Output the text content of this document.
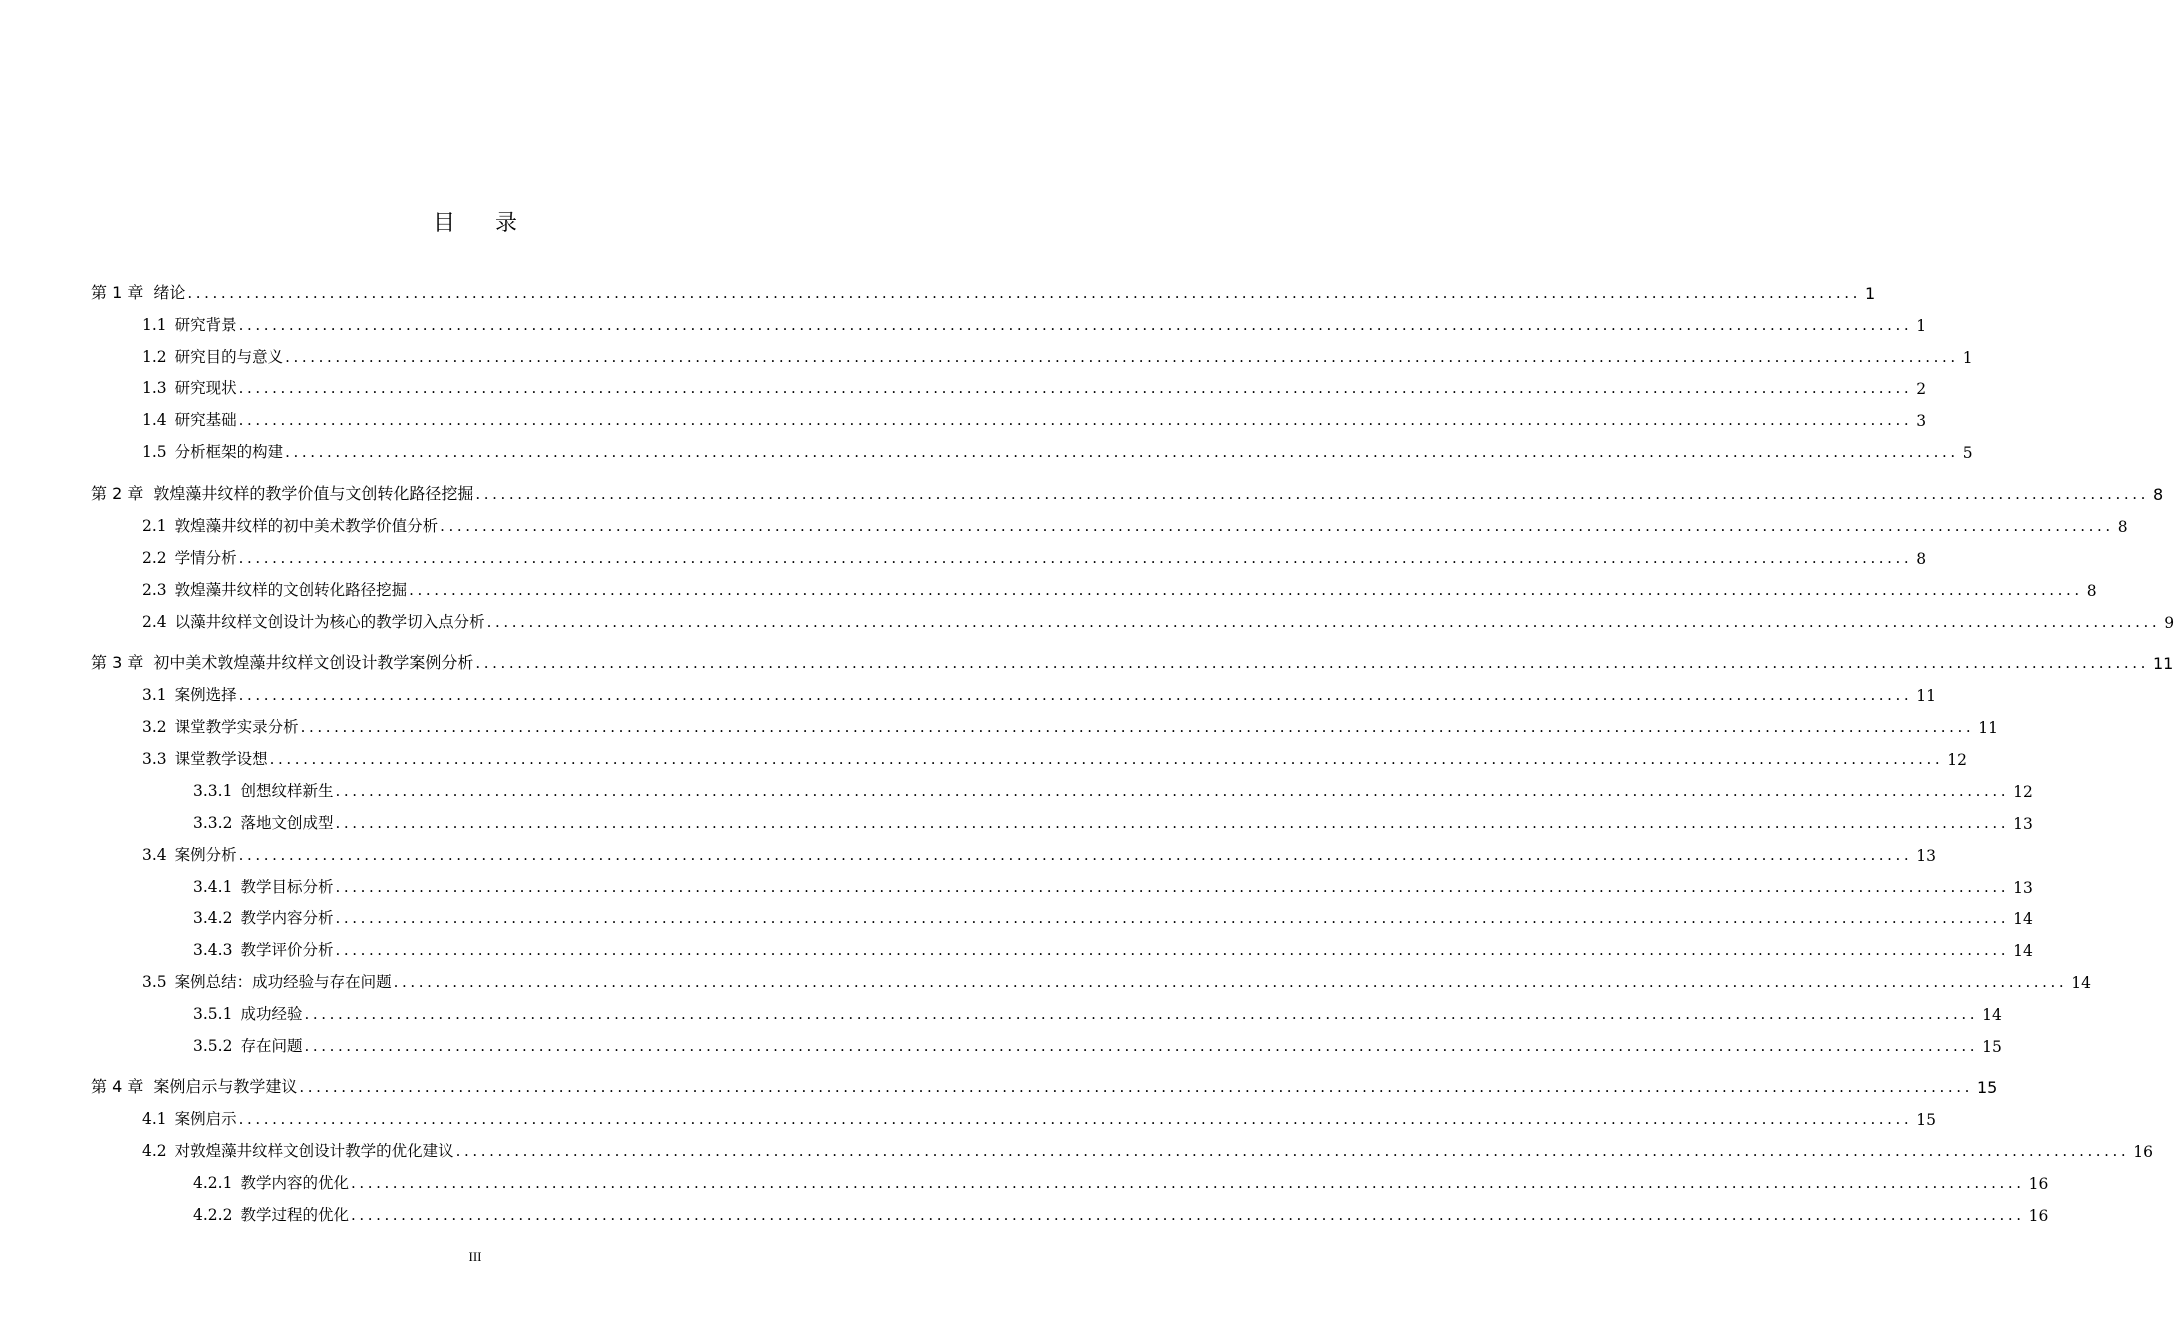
目录
第 1 章 绪论 ........................................................................................................................................................................................................ 1
1.1 研究背景 ........................................................................................................................................................................................................ 1
1.2 研究目的与意义 ........................................................................................................................................................................................................ 1
1.3 研究现状 ........................................................................................................................................................................................................ 2
1.4 研究基础 ........................................................................................................................................................................................................ 3
1.5 分析框架的构建 ........................................................................................................................................................................................................ 5
第 2 章 敦煌藻井纹样的教学价值与文创转化路径挖掘 ........................................................................................................................................................................................................ 8
2.1 敦煌藻井纹样的初中美术教学价值分析 ........................................................................................................................................................................................................ 8
2.2 学情分析 ........................................................................................................................................................................................................ 8
2.3 敦煌藻井纹样的文创转化路径挖掘 ........................................................................................................................................................................................................ 8
2.4 以藻井纹样文创设计为核心的教学切入点分析 ........................................................................................................................................................................................................ 9
第 3 章 初中美术敦煌藻井纹样文创设计教学案例分析 ........................................................................................................................................................................................................ 11
3.1 案例选择 ........................................................................................................................................................................................................ 11
3.2 课堂教学实录分析 ........................................................................................................................................................................................................ 11
3.3 课堂教学设想 ........................................................................................................................................................................................................ 12
3.3.1 创想纹样新生 ........................................................................................................................................................................................................ 12
3.3.2 落地文创成型 ........................................................................................................................................................................................................ 13
3.4 案例分析 ........................................................................................................................................................................................................ 13
3.4.1 教学目标分析 ........................................................................................................................................................................................................ 13
3.4.2 教学内容分析 ........................................................................................................................................................................................................ 14
3.4.3 教学评价分析 ........................................................................................................................................................................................................ 14
3.5 案例总结：成功经验与存在问题 ........................................................................................................................................................................................................ 14
3.5.1 成功经验 ........................................................................................................................................................................................................ 14
3.5.2 存在问题 ........................................................................................................................................................................................................ 15
第 4 章 案例启示与教学建议 ........................................................................................................................................................................................................ 15
4.1 案例启示 ........................................................................................................................................................................................................ 15
4.2 对敦煌藻井纹样文创设计教学的优化建议 ........................................................................................................................................................................................................ 16
4.2.1 教学内容的优化 ........................................................................................................................................................................................................ 16
4.2.2 教学过程的优化 ........................................................................................................................................................................................................ 16
III
